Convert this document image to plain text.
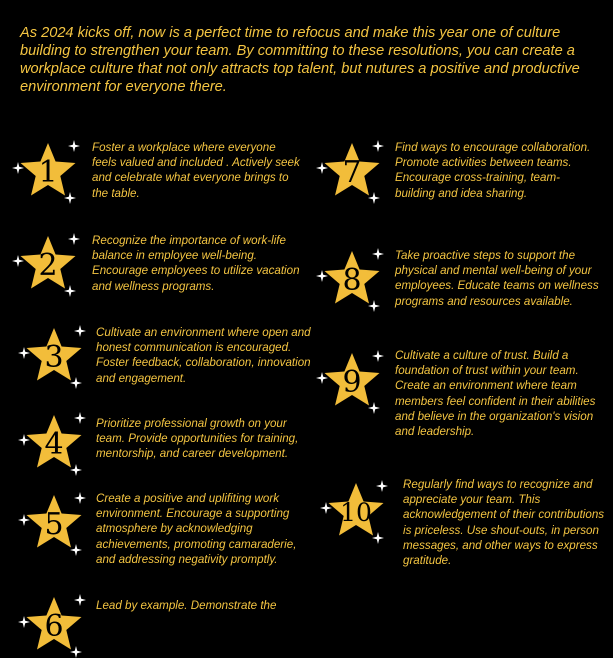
As 2024 kicks off, now is a perfect time to refocus and make this year one of culture building to strengthen your team. By committing to these resolutions, you can create a workplace culture that not only attracts top talent, but nutures a positive and productive environment for everyone there.

1

Foster a workplace where everyone feels valued and included . Actively seek and celebrate what everyone brings to the table.

2

Recognize the importance of work-life balance in employee well-being. Encourage employees to utilize vacation and wellness programs.

3

Cultivate an environment where open and honest communication is encouraged. Foster feedback, collaboration, innovation and engagement.

4

Prioritize professional growth on your team. Provide opportunities for training, mentorship, and career development.

5

Create a positive and uplifiting work environment. Encourage a supporting atmosphere by acknowledging achievements, promoting camaraderie, and addressing negativity promptly.

6

Lead by example. Demonstrate the

7

Find ways to encourage collaboration. Promote activities between teams. Encourage cross-training, team-building and idea sharing.

8

Take proactive steps to support the physical and mental well-being of your employees. Educate teams on wellness programs and resources available.

9

Cultivate a culture of trust. Build a foundation of trust within your team. Create an environment where team members feel confident in their abilities and believe in the organization's vision and leadership.

10

Regularly find ways to recognize and appreciate your team. This acknowledgement of their contributions is priceless. Use shout-outs, in person messages, and other ways to express gratitude.
